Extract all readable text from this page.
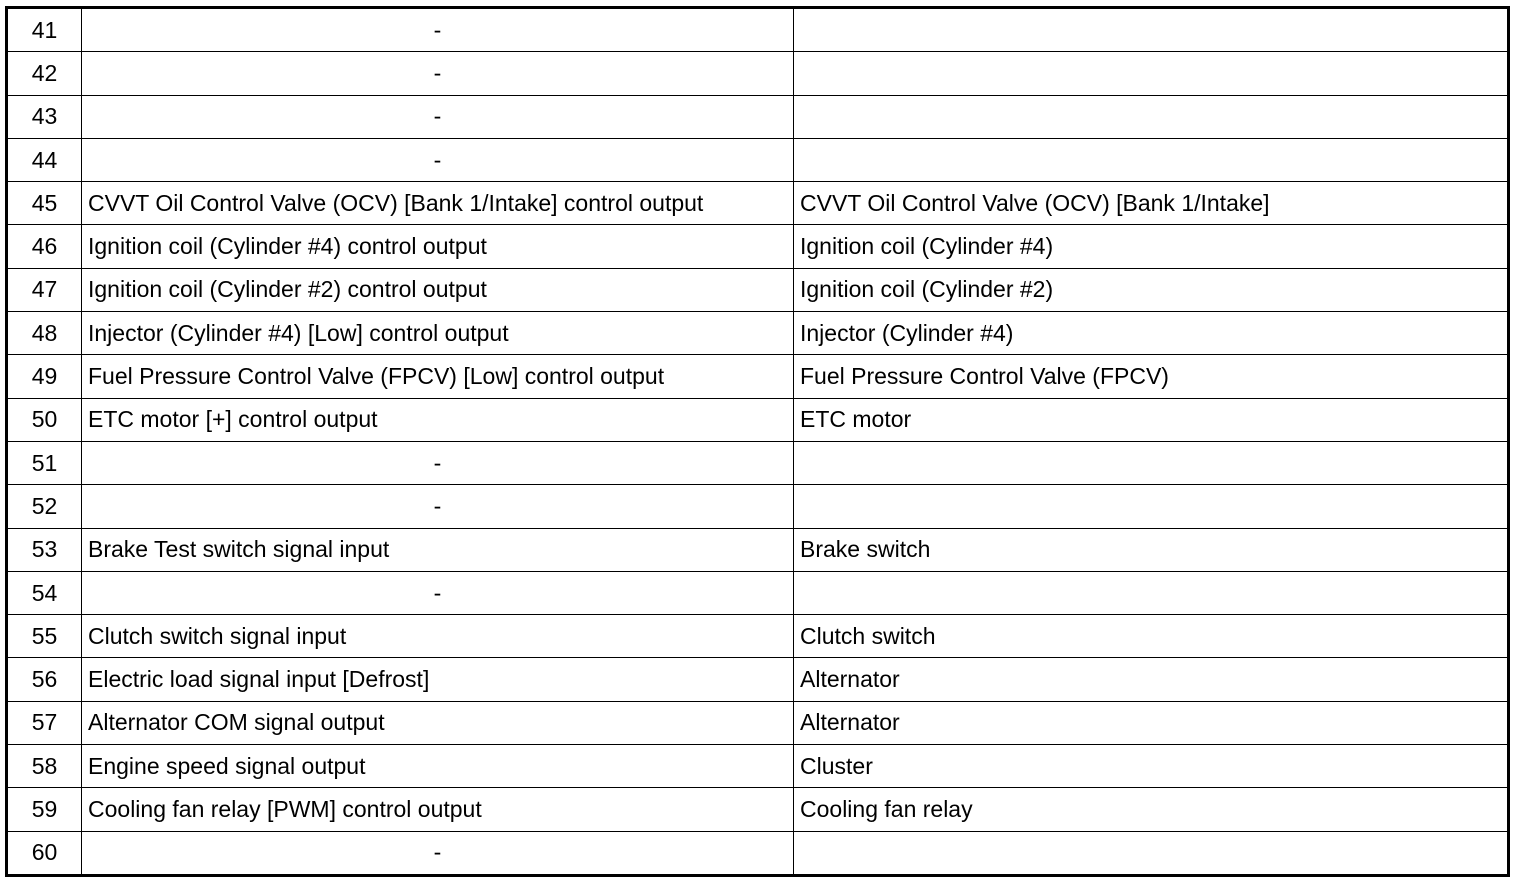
41	-	
42	-	
43	-	
44	-	
45	CVVT Oil Control Valve (OCV) [Bank 1/Intake] control output	CVVT Oil Control Valve (OCV) [Bank 1/Intake]
46	Ignition coil (Cylinder #4) control output	Ignition coil (Cylinder #4)
47	Ignition coil (Cylinder #2) control output	Ignition coil (Cylinder #2)
48	Injector (Cylinder #4) [Low] control output	Injector (Cylinder #4)
49	Fuel Pressure Control Valve (FPCV) [Low] control output	Fuel Pressure Control Valve (FPCV)
50	ETC motor [+] control output	ETC motor
51	-	
52	-	
53	Brake Test switch signal input	Brake switch
54	-	
55	Clutch switch signal input	Clutch switch
56	Electric load signal input [Defrost]	Alternator
57	Alternator COM signal output	Alternator
58	Engine speed signal output	Cluster
59	Cooling fan relay [PWM] control output	Cooling fan relay
60	-	
